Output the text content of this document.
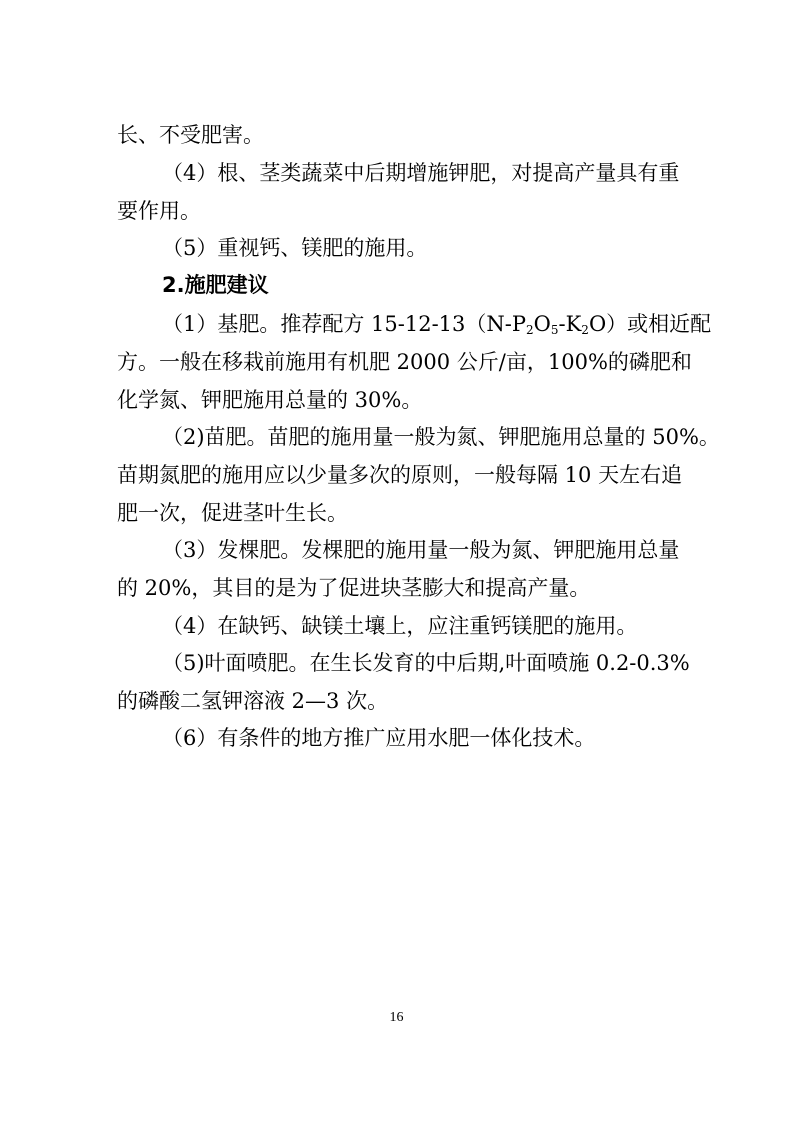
长、不受肥害。
（4）根、茎类蔬菜中后期增施钾肥，对提高产量具有重
要作用。
（5）重视钙、镁肥的施用。
2.施肥建议
（1）基肥。推荐配方 $15-12-13(N-P_2O_5-K_2O)$或相近配
方。一般在移栽前施用有机肥 2000 公斤/亩，100%的磷肥和
化学氮、钾肥施用总量的 30%。
（2)苗肥。苗肥的施用量一般为氮、钾肥施用总量的 50%。
苗期氮肥的施用应以少量多次的原则，一般每隔 10 天左右追
肥一次，促进茎叶生长。
（3）发棵肥。发棵肥的施用量一般为氮、钾肥施用总量
的 20%，其目的是为了促进块茎膨大和提高产量。
（4）在缺钙、缺镁土壤上，应注重钙镁肥的施用。
（5)叶面喷肥。在生长发育的中后期,叶面喷施 0.2-0.3%
的磷酸二氢钾溶液 2—3 次。
（6）有条件的地方推广应用水肥一体化技术。
16
